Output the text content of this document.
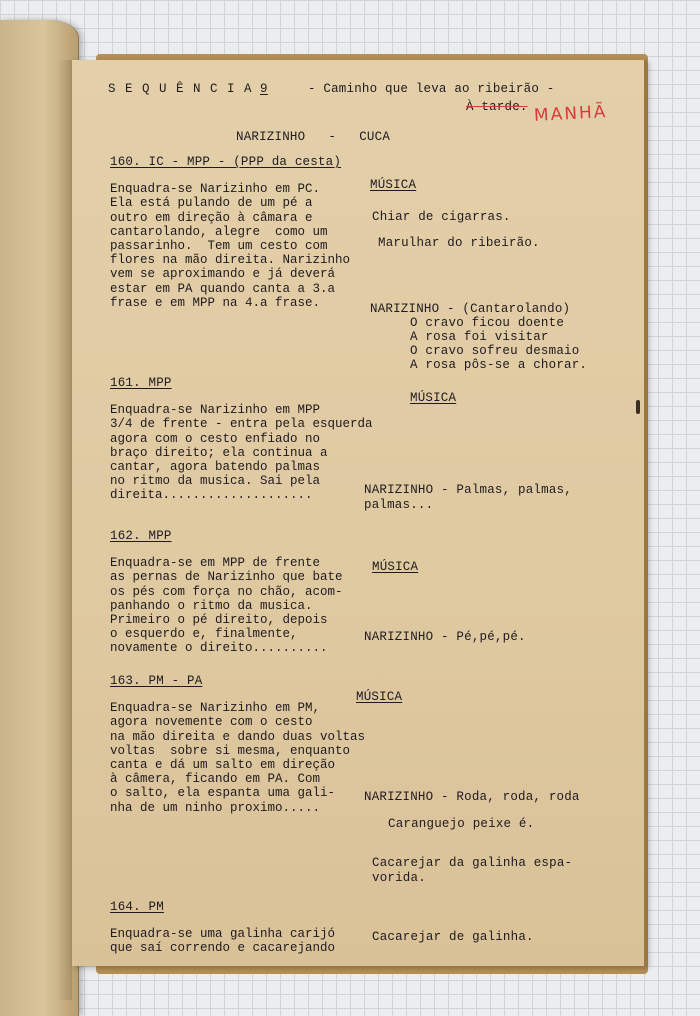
S E Q U Ê N C I A 9	- Caminho que leva ao ribeirão -
À tarde. MANHÃ
NARIZINHO   -   CUCA
160. IC - MPP - (PPP da cesta)

Enquadra-se Narizinho em PC.
Ela está pulando de um pé a
outro em direção à câmara e
cantarolando, alegre  como um
passarinho.  Tem um cesto com
flores na mão direita. Narizinho
vem se aproximando e já deverá
estar em PA quando canta a 3.a
frase e em MPP na 4.a frase.
MÚSICA
Chiar de cigarras.
Marulhar do ribeirão.
NARIZINHO - (Cantarolando)
O cravo ficou doente
A rosa foi visitar
O cravo sofreu desmaio
A rosa pôs-se a chorar.
161. MPP

Enquadra-se Narizinho em MPP
3/4 de frente - entra pela esquerda
agora com o cesto enfiado no
braço direito; ela continua a
cantar, agora batendo palmas
no ritmo da musica. Sai pela
direita....................
MÚSICA
NARIZINHO - Palmas, palmas,
palmas...
162. MPP

Enquadra-se em MPP de frente
as pernas de Narizinho que bate
os pés com força no chão, acom-
panhando o ritmo da musica.
Primeiro o pé direito, depois
o esquerdo e, finalmente,
novamente o direito..........
MÚSICA
NARIZINHO - Pé,pé,pé.
163. PM - PA

Enquadra-se Narizinho em PM,
agora novemente com o cesto
na mão direita e dando duas voltas
voltas  sobre si mesma, enquanto
canta e dá um salto em direção
à câmera, ficando em PA. Com
o salto, ela espanta uma gali-
nha de um ninho proximo.....
MÚSICA
NARIZINHO - Roda, roda, roda
Caranguejo peixe é.
Cacarejar da galinha espa-
vorida.
164. PM

Enquadra-se uma galinha carijó
que saí correndo e cacarejando
Cacarejar de galinha.
